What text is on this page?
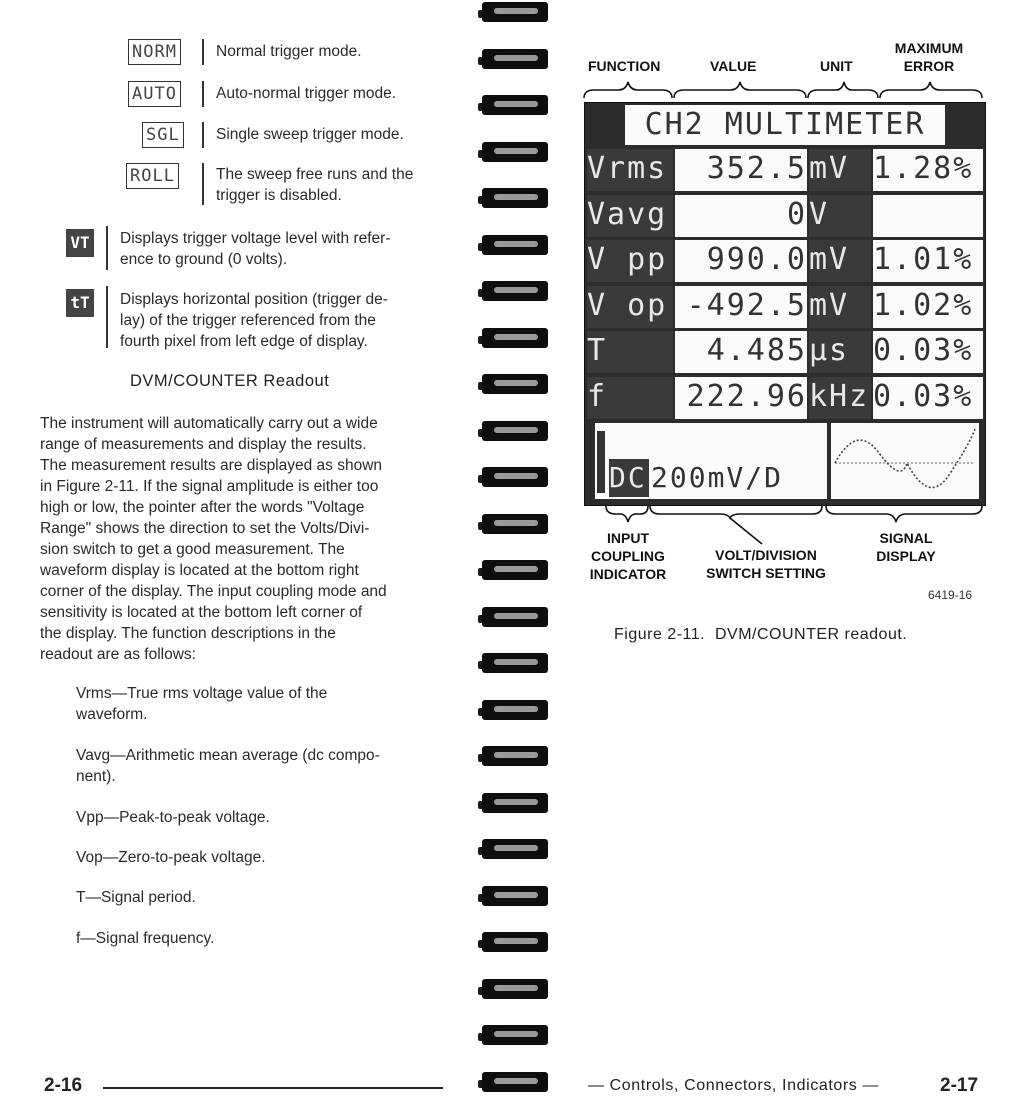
NORM	Normal trigger mode.
AUTO	Auto-normal trigger mode.
SGL Single sweep trigger mode.
ROLL	The sweep free runs and the
trigger is disabled.
VT Displays trigger voltage level with refer-
ence to ground (0 volts).
tT Displays horizontal position (trigger de-
lay) of the trigger referenced from the
fourth pixel from left edge of display.
DVM/COUNTER Readout
The instrument will automatically carry out a wide
range of measurements and display the results.
The measurement results are displayed as shown
in Figure 2-11. If the signal amplitude is either too
high or low, the pointer after the words "Voltage
Range" shows the direction to set the Volts/Divi-
sion switch to get a good measurement. The
waveform display is located at the bottom right
corner of the display. The input coupling mode and
sensitivity is located at the bottom left corner of
the display. The function descriptions in the
readout are as follows:
Vrms—True rms voltage value of the
waveform.
Vavg—Arithmetic mean average (dc compo-
nent).
Vpp—Peak-to-peak voltage.
Vop—Zero-to-peak voltage.
T—Signal period.
f—Signal frequency.
2-16
FUNCTION	VALUE	UNIT
MAXIMUM
ERROR
CH2 MULTIMETER
Vrms	352.5 mV 1.28%
Vavg	0 V
V pp	990.0 mV 1.01%
V op -492.5 mV 1.02%
T	4.485 µs 0.03%
f	222.96 kHz 0.03%
DC 200mV/D
INPUT
COUPLING
INDICATOR
VOLT/DIVISION
SWITCH SETTING
SIGNAL
DISPLAY
6419-16
Figure 2-11.  DVM/COUNTER readout.
— Controls, Connectors, Indicators —	2-17
